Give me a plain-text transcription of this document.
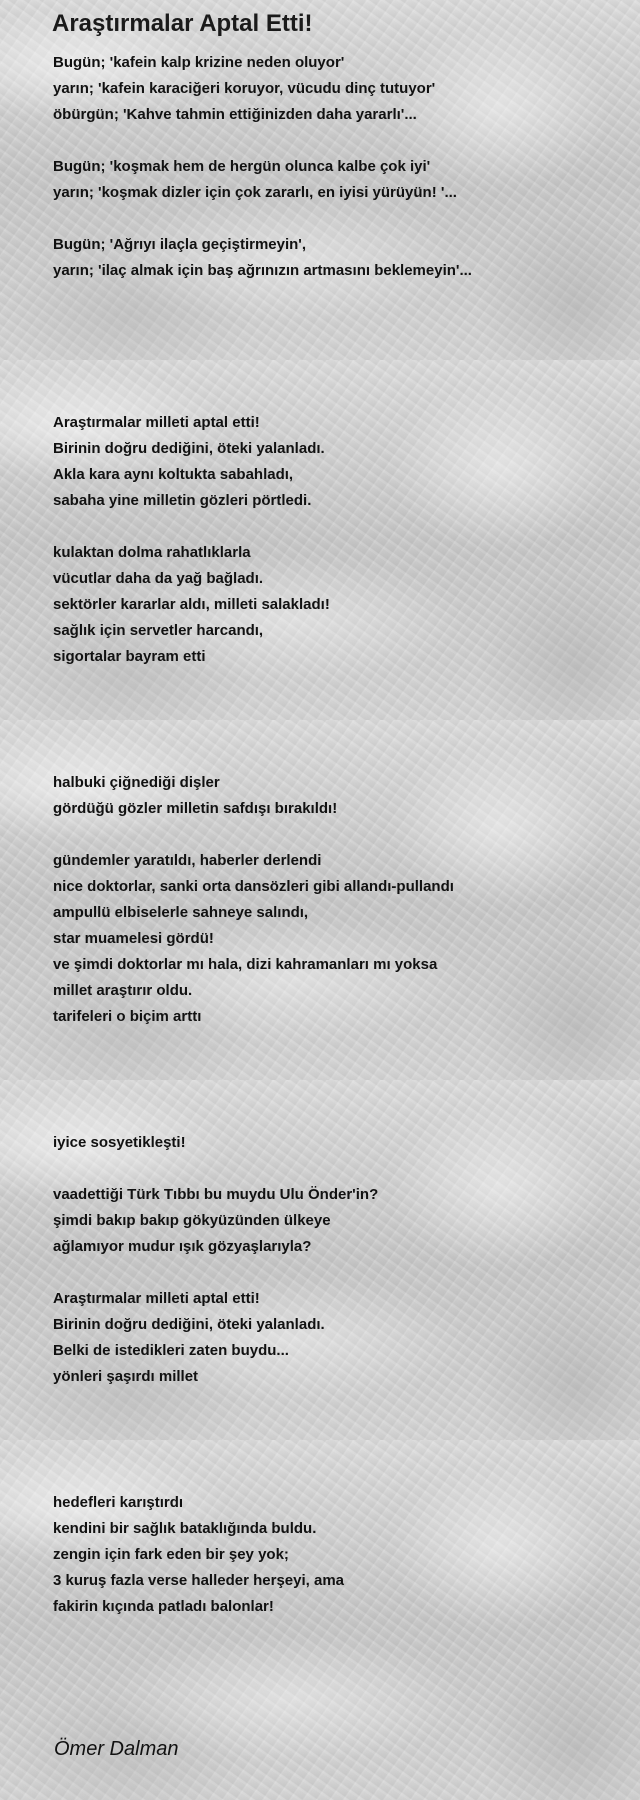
Araştırmalar Aptal Etti!
Bugün; 'kafein kalp krizine neden oluyor'
yarın; 'kafein karaciğeri koruyor, vücudu dinç tutuyor'
öbürgün; 'Kahve tahmin ettiğinizden daha yararlı'...
Bugün; 'koşmak hem de hergün olunca kalbe çok iyi'
yarın; 'koşmak dizler için çok zararlı, en iyisi yürüyün! '...
Bugün; 'Ağrıyı ilaçla geçiştirmeyin',
yarın; 'ilaç almak için baş ağrınızın artmasını beklemeyin'...
Araştırmalar milleti aptal etti!
Birinin doğru dediğini, öteki yalanladı.
Akla kara aynı koltukta sabahladı,
sabaha yine milletin gözleri pörtledi.
kulaktan dolma rahatlıklarla
vücutlar daha da yağ bağladı.
sektörler kararlar aldı, milleti salakladı!
sağlık için servetler harcandı,
sigortalar bayram etti
halbuki çiğnediği dişler
gördüğü gözler milletin safdışı bırakıldı!
gündemler yaratıldı, haberler derlendi
nice doktorlar, sanki orta dansözleri gibi allandı-pullandı
ampullü elbiselerle sahneye salındı,
star muamelesi gördü!
ve şimdi doktorlar mı hala, dizi kahramanları mı yoksa
millet araştırır oldu.
tarifeleri o biçim arttı
iyice sosyetikleşti!
vaadettiği Türk Tıbbı bu muydu Ulu Önder'in?
şimdi bakıp bakıp gökyüzünden ülkeye
ağlamıyor mudur ışık gözyaşlarıyla?
Araştırmalar milleti aptal etti!
Birinin doğru dediğini, öteki yalanladı.
Belki de istedikleri zaten buydu...
yönleri şaşırdı millet
hedefleri karıştırdı
kendini bir sağlık bataklığında buldu.
zengin için fark eden bir şey yok;
3 kuruş fazla verse halleder herşeyi, ama
fakirin kıçında patladı balonlar!
Ömer Dalman
